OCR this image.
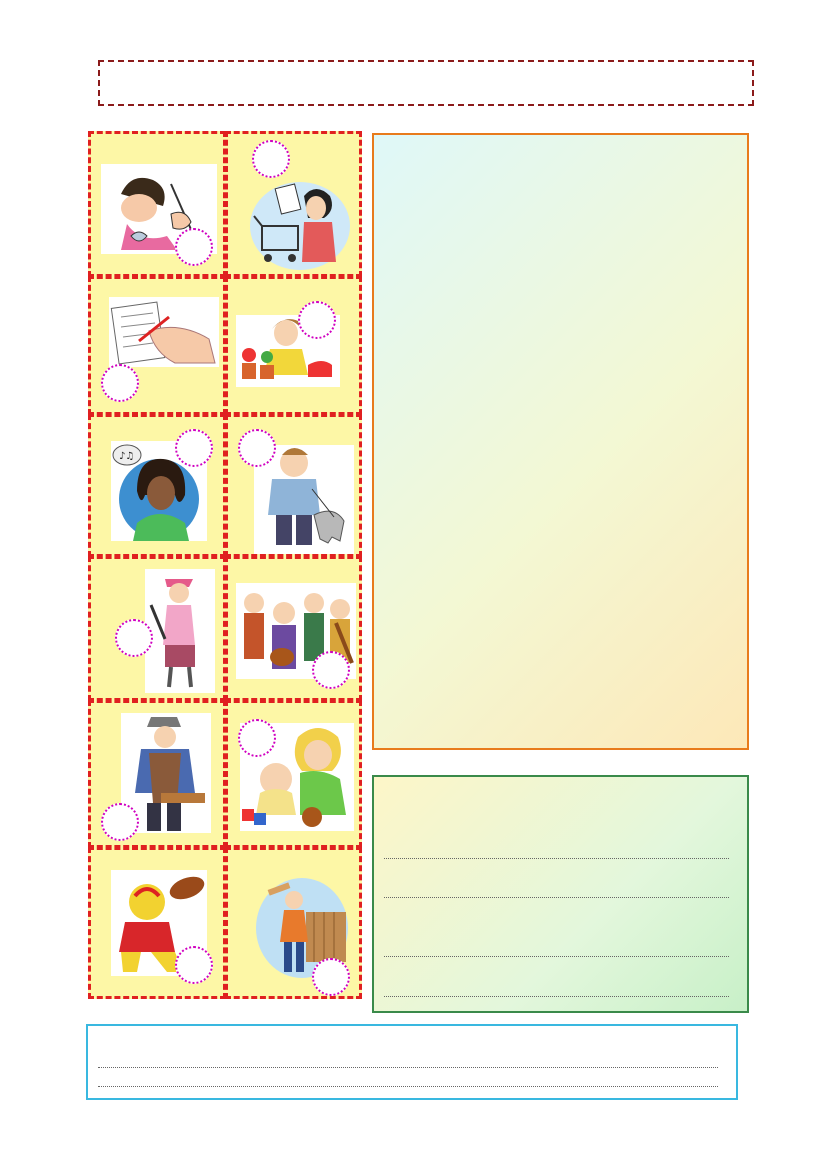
♪♫
